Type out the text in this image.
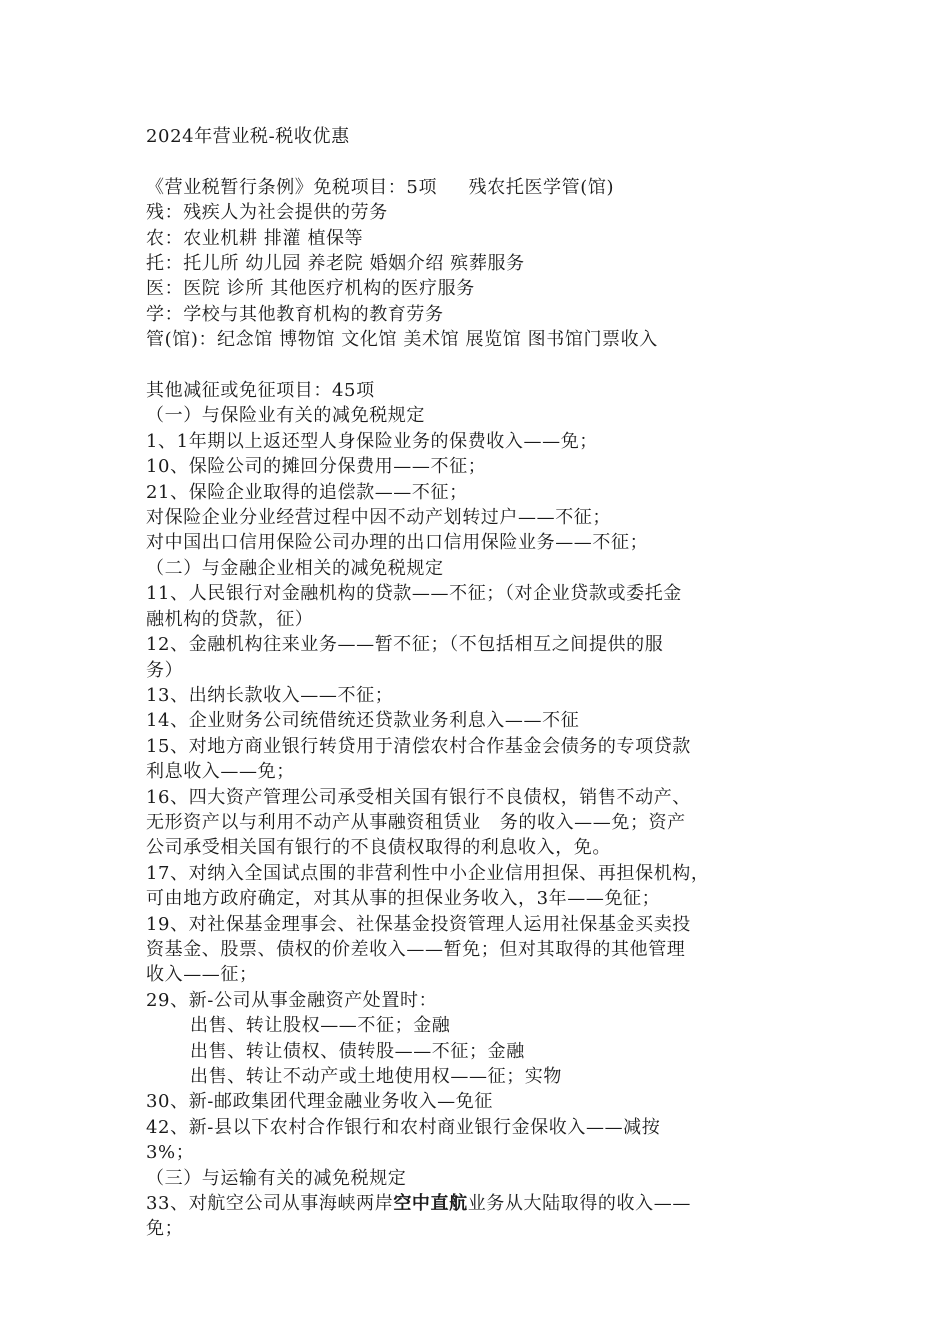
2024年营业税-税收优惠
《营业税暂行条例》免税项目：5项     残农托医学管(馆)
残：残疾人为社会提供的劳务
农：农业机耕 排灌 植保等
托：托儿所 幼儿园 养老院 婚姻介绍 殡葬服务
医：医院 诊所 其他医疗机构的医疗服务
学：学校与其他教育机构的教育劳务
管(馆)：纪念馆 博物馆 文化馆 美术馆 展览馆 图书馆门票收入
其他减征或免征项目：45项
（一）与保险业有关的减免税规定
1、1年期以上返还型人身保险业务的保费收入——免；
10、保险公司的摊回分保费用——不征；
21、保险企业取得的追偿款——不征；
对保险企业分业经营过程中因不动产划转过户——不征；
对中国出口信用保险公司办理的出口信用保险业务——不征；
（二）与金融企业相关的减免税规定
11、人民银行对金融机构的贷款——不征；（对企业贷款或委托金
融机构的贷款，征）
12、金融机构往来业务——暂不征；（不包括相互之间提供的服
务）
13、出纳长款收入——不征；
14、企业财务公司统借统还贷款业务利息入——不征
15、对地方商业银行转贷用于清偿农村合作基金会债务的专项贷款
利息收入——免；
16、四大资产管理公司承受相关国有银行不良债权，销售不动产、
无形资产以与利用不动产从事融资租赁业   务的收入——免；资产
公司承受相关国有银行的不良债权取得的利息收入，免。
17、对纳入全国试点围的非营利性中小企业信用担保、再担保机构，
可由地方政府确定，对其从事的担保业务收入，3年——免征；
19、对社保基金理事会、社保基金投资管理人运用社保基金买卖投
资基金、股票、债权的价差收入——暂免；但对其取得的其他管理
收入——征；
29、新-公司从事金融资产处置时：
出售、转让股权——不征；金融
出售、转让债权、债转股——不征；金融
出售、转让不动产或土地使用权——征；实物
30、新-邮政集团代理金融业务收入—免征
42、新-县以下农村合作银行和农村商业银行金保收入——减按
3%；
（三）与运输有关的减免税规定
33、对航空公司从事海峡两岸空中直航业务从大陆取得的收入——
免；
